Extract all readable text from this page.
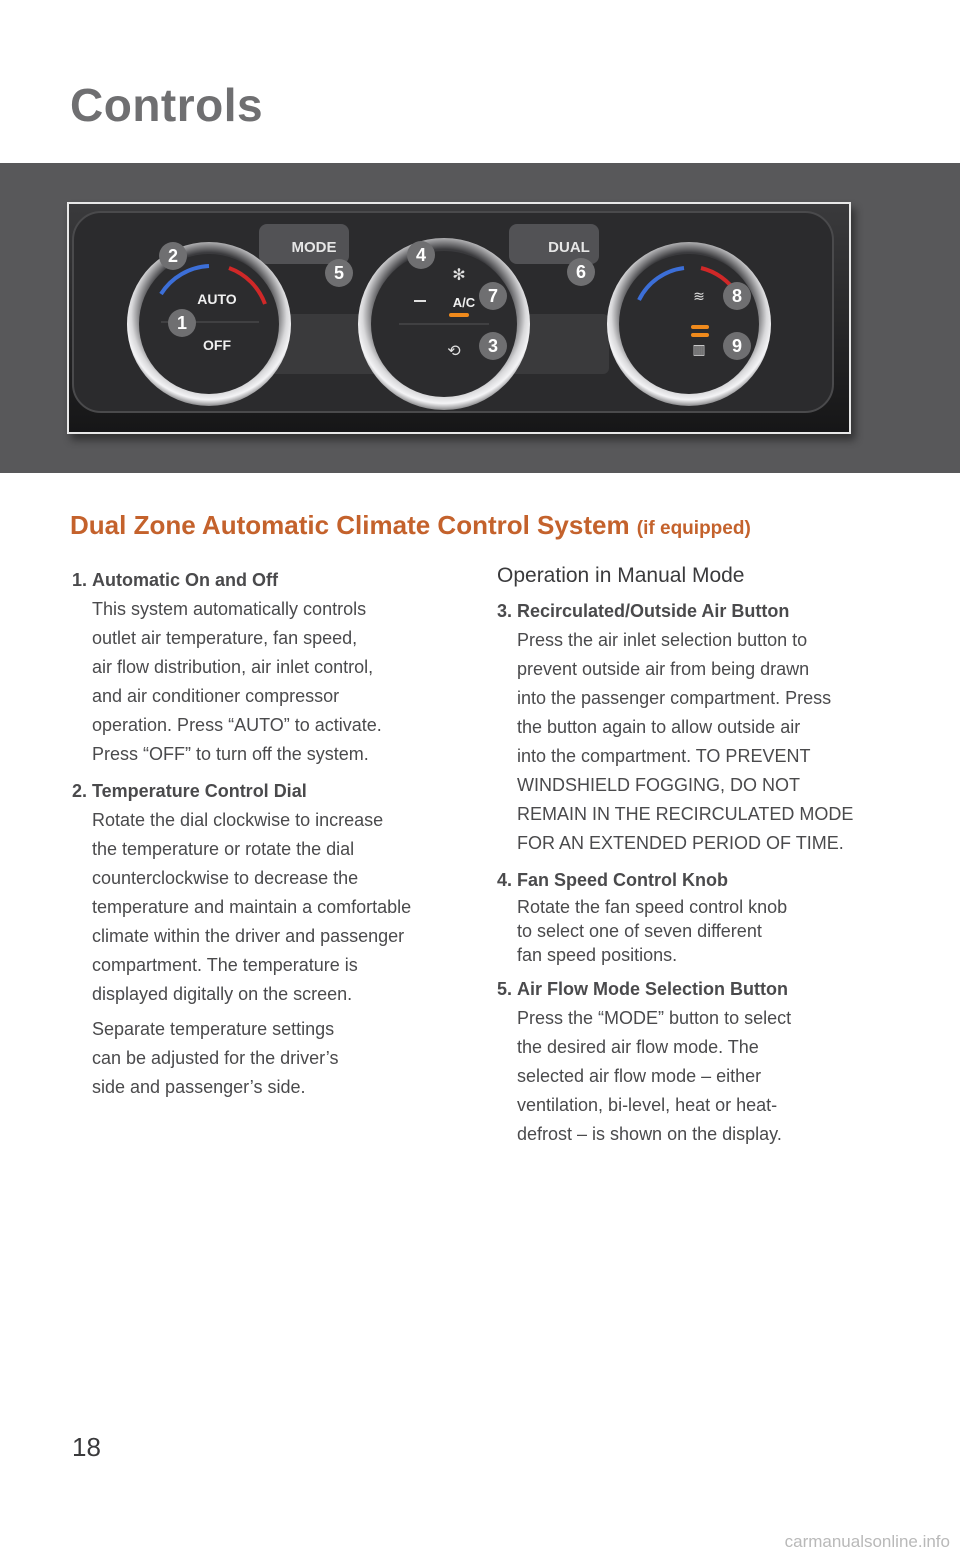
Controls
MODE	DUAL
AUTO
OFF
✻
A/C
⟲
≋
▥
1
2
3
4
5	6
7	8
9
Dual Zone Automatic Climate Control System (if equipped)
1. Automatic On and Off
This system automatically controls
outlet air temperature, fan speed,
air flow distribution, air inlet control,
and air conditioner compressor
operation. Press “AUTO” to activate.
Press “OFF” to turn off the system.
2. Temperature Control Dial
Rotate the dial clockwise to increase
the temperature or rotate the dial
counterclockwise to decrease the
temperature and maintain a comfortable
climate within the driver and passenger
compartment. The temperature is
displayed digitally on the screen.
Separate temperature settings
can be adjusted for the driver’s
side and passenger’s side.
Operation in Manual Mode
3. Recirculated/Outside Air Button
Press the air inlet selection button to
prevent outside air from being drawn
into the passenger compartment. Press
the button again to allow outside air
into the compartment. TO PREVENT
WINDSHIELD FOGGING, DO NOT
REMAIN IN THE RECIRCULATED MODE
FOR AN EXTENDED PERIOD OF TIME.
4. Fan Speed Control Knob
Rotate the fan speed control knob
to select one of seven different
fan speed positions.
5. Air Flow Mode Selection Button
Press the “MODE” button to select
the desired air flow mode. The
selected air flow mode – either
ventilation, bi-level, heat or heat-
defrost – is shown on the display.
18
carmanualsonline.info
